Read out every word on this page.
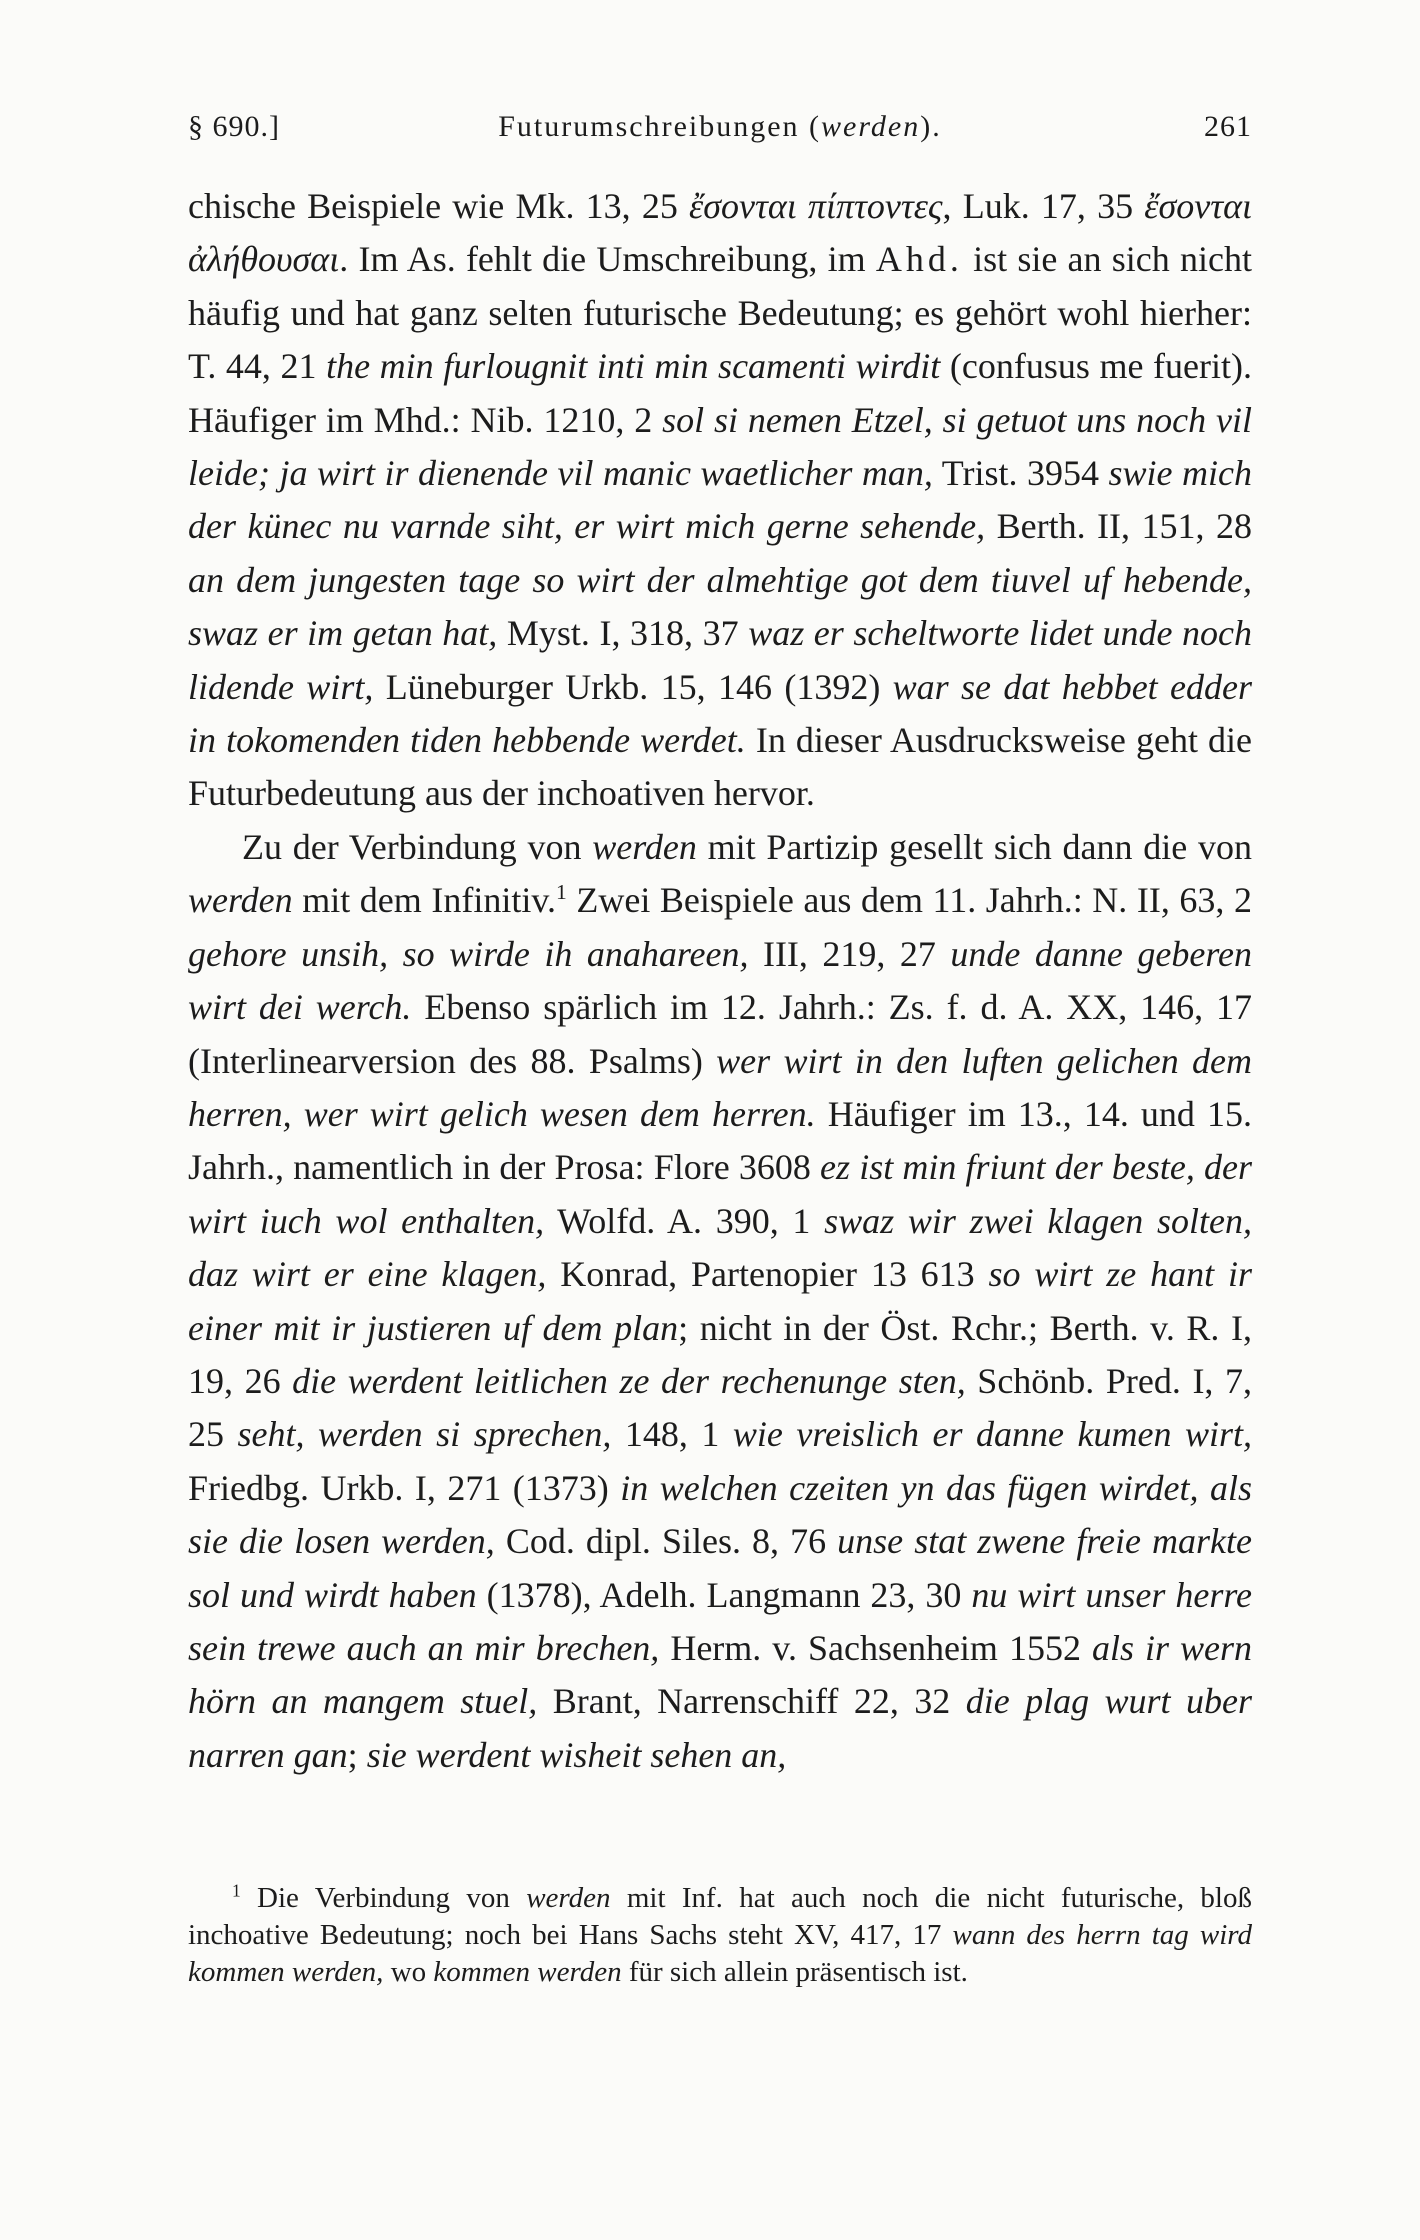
§ 690.]	Futurumschreibungen (werden).	261

chische Beispiele wie Mk. 13, 25 ἔσονται πίπτοντες, Luk. 17, 35 ἔσονται ἀλήθουσαι. Im As. fehlt die Umschreibung, im Ahd. ist sie an sich nicht häufig und hat ganz selten futurische Bedeutung; es gehört wohl hierher: T. 44, 21 the min furlougnit inti min scamenti wirdit (confusus me fuerit). Häufiger im Mhd.: Nib. 1210, 2 sol si nemen Etzel, si getuot uns noch vil leide; ja wirt ir dienende vil manic waetlicher man, Trist. 3954 swie mich der künec nu varnde siht, er wirt mich gerne sehende, Berth. II, 151, 28 an dem jungesten tage so wirt der almehtige got dem tiuvel uf hebende, swaz er im getan hat, Myst. I, 318, 37 waz er scheltworte lidet unde noch lidende wirt, Lüneburger Urkb. 15, 146 (1392) war se dat hebbet edder in tokomenden tiden hebbende werdet. In dieser Ausdrucksweise geht die Futurbedeutung aus der inchoativen hervor.

Zu der Verbindung von werden mit Partizip gesellt sich dann die von werden mit dem Infinitiv.$^1$ Zwei Beispiele aus dem 11. Jahrh.: N. II, 63, 2 gehore unsih, so wirde ih anahareen, III, 219, 27 unde danne geberen wirt dei werch. Ebenso spärlich im 12. Jahrh.: Zs. f. d. A. XX, 146, 17 (Interlinearversion des 88. Psalms) wer wirt in den luften gelichen dem herren, wer wirt gelich wesen dem herren. Häufiger im 13., 14. und 15. Jahrh., namentlich in der Prosa: Flore 3608 ez ist min friunt der beste, der wirt iuch wol enthalten, Wolfd. A. 390, 1 swaz wir zwei klagen solten, daz wirt er eine klagen, Konrad, Partenopier 13 613 so wirt ze hant ir einer mit ir justieren uf dem plan; nicht in der Öst. Rchr.; Berth. v. R. I, 19, 26 die werdent leitlichen ze der rechenunge sten, Schönb. Pred. I, 7, 25 seht, werden si sprechen, 148, 1 wie vreislich er danne kumen wirt, Friedbg. Urkb. I, 271 (1373) in welchen czeiten yn das fügen wirdet, als sie die losen werden, Cod. dipl. Siles. 8, 76 unse stat zwene freie markte sol und wirdt haben (1378), Adelh. Langmann 23, 30 nu wirt unser herre sein trewe auch an mir brechen, Herm. v. Sachsenheim 1552 als ir wern hörn an mangem stuel, Brant, Narrenschiff 22, 32 die plag wurt uber narren gan; sie werdent wisheit sehen an,

$^1$ Die Verbindung von werden mit Inf. hat auch noch die nicht futurische, bloß inchoative Bedeutung; noch bei Hans Sachs steht XV, 417, 17 wann des herrn tag wird kommen werden, wo kommen werden für sich allein präsentisch ist.
